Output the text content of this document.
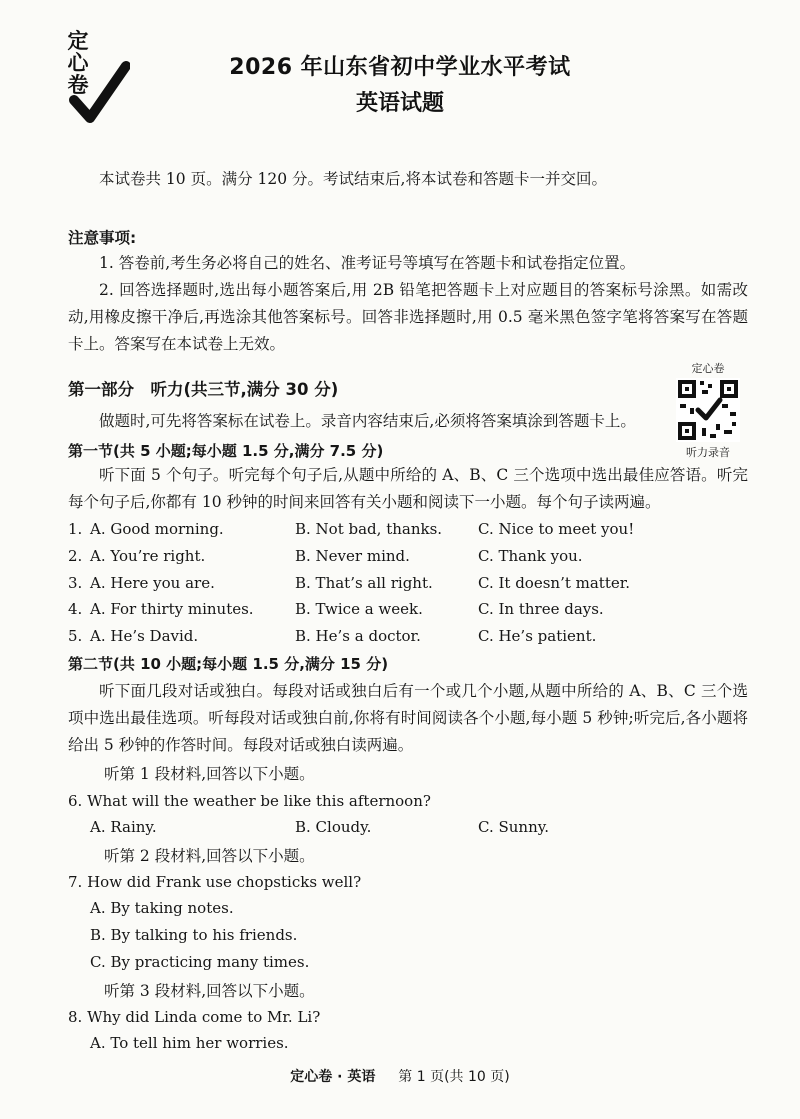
定
心
卷
2026 年山东省初中学业水平考试
英语试题
本试卷共 10 页。满分 120 分。考试结束后,将本试卷和答题卡一并交回。
注意事项:
1. 答卷前,考生务必将自己的姓名、准考证号等填写在答题卡和试卷指定位置。
2. 回答选择题时,选出每小题答案后,用 2B 铅笔把答题卡上对应题目的答案标号涂黑。如需改动,用橡皮擦干净后,再选涂其他答案标号。回答非选择题时,用 0.5 毫米黑色签字笔将答案写在答题卡上。答案写在本试卷上无效。
定心卷
听力录音
第一部分　听力(共三节,满分 30 分)
做题时,可先将答案标在试卷上。录音内容结束后,必须将答案填涂到答题卡上。
第一节(共 5 小题;每小题 1.5 分,满分 7.5 分)
听下面 5 个句子。听完每个句子后,从题中所给的 A、B、C 三个选项中选出最佳应答语。听完每个句子后,你都有 10 秒钟的时间来回答有关小题和阅读下一小题。每个句子读两遍。
1. A. Good morning.	B. Not bad, thanks. C. Nice to meet you!
2. A. You’re right.	B. Never mind.	C. Thank you.
3. A. Here you are.	B. That’s all right.	C. It doesn’t matter.
4. A. For thirty minutes.	B. Twice a week.	C. In three days.
5. A. He’s David.	B. He’s a doctor.	C. He’s patient.
第二节(共 10 小题;每小题 1.5 分,满分 15 分)
听下面几段对话或独白。每段对话或独白后有一个或几个小题,从题中所给的 A、B、C 三个选项中选出最佳选项。听每段对话或独白前,你将有时间阅读各个小题,每小题 5 秒钟;听完后,各小题将给出 5 秒钟的作答时间。每段对话或独白读两遍。
听第 1 段材料,回答以下小题。
6. What will the weather be like this afternoon?
A. Rainy.	B. Cloudy.	C. Sunny.
听第 2 段材料,回答以下小题。
7. How did Frank use chopsticks well?
A. By taking notes.
B. By talking to his friends.
C. By practicing many times.
听第 3 段材料,回答以下小题。
8. Why did Linda come to Mr. Li?
A. To tell him her worries.
定心卷 · 英语 第 1 页(共 10 页)
